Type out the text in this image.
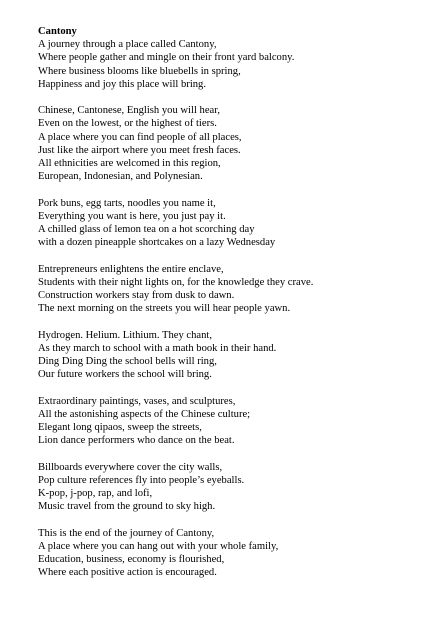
Cantony
A journey through a place called Cantony,
Where people gather and mingle on their front yard balcony.
Where business blooms like bluebells in spring,
Happiness and joy this place will bring.
Chinese, Cantonese, English you will hear,
Even on the lowest, or the highest of tiers.
A place where you can find people of all places,
Just like the airport where you meet fresh faces.
All ethnicities are welcomed in this region,
European, Indonesian, and Polynesian.
Pork buns, egg tarts, noodles you name it,
Everything you want is here, you just pay it.
A chilled glass of lemon tea on a hot scorching day
with a dozen pineapple shortcakes on a lazy Wednesday
Entrepreneurs enlightens the entire enclave,
Students with their night lights on, for the knowledge they crave.
Construction workers stay from dusk to dawn.
The next morning on the streets you will hear people yawn.
Hydrogen. Helium. Lithium. They chant,
As they march to school with a math book in their hand.
Ding Ding Ding the school bells will ring,
Our future workers the school will bring.
Extraordinary paintings, vases, and sculptures,
All the astonishing aspects of the Chinese culture;
Elegant long qipaos, sweep the streets,
Lion dance performers who dance on the beat.
Billboards everywhere cover the city walls,
Pop culture references fly into people’s eyeballs.
K-pop, j-pop, rap, and lofi,
Music travel from the ground to sky high.
This is the end of the journey of Cantony,
A place where you can hang out with your whole family,
Education, business, economy is flourished,
Where each positive action is encouraged.
